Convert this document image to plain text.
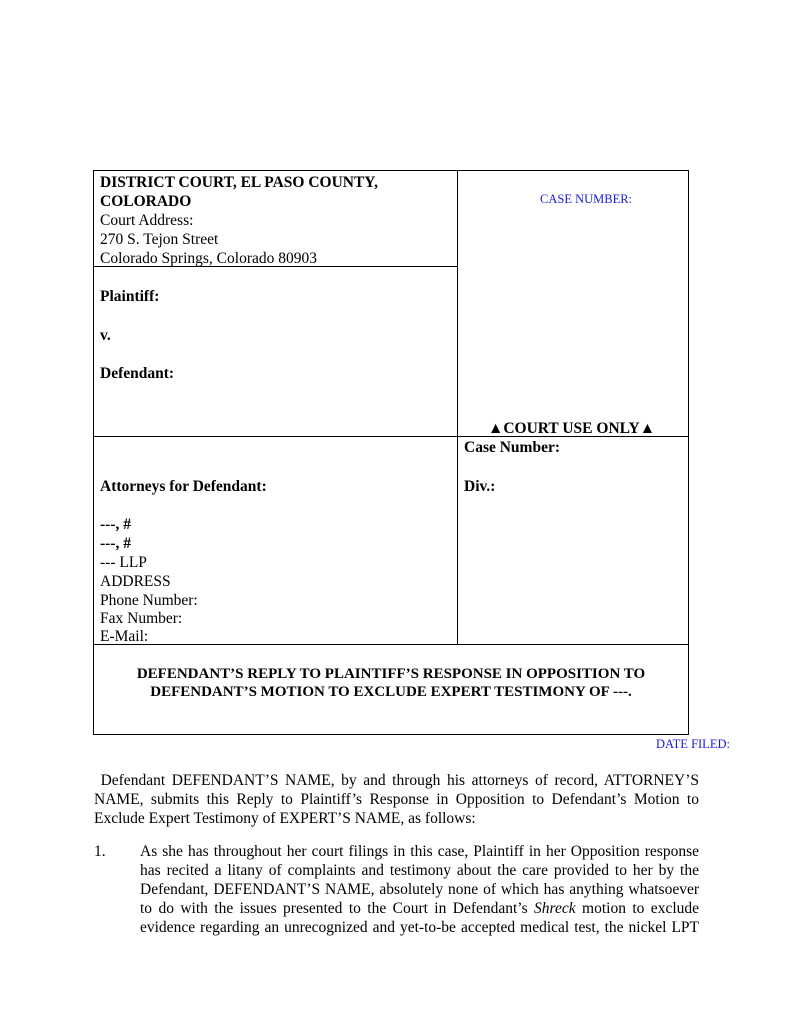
DISTRICT COURT, EL PASO COUNTY,
COLORADO
Court Address:
270 S. Tejon Street
Colorado Springs, Colorado 80903
Plaintiff:
v.
Defendant:
CASE NUMBER:
▲COURT USE ONLY▲
Case Number:
Div.:
Attorneys for Defendant:
---, #
---, #
--- LLP
ADDRESS
Phone Number:
Fax Number:
E-Mail:
DEFENDANT’S REPLY TO PLAINTIFF’S RESPONSE IN OPPOSITION TO
DEFENDANT’S MOTION TO EXCLUDE EXPERT TESTIMONY OF ---.
DATE FILED:
Defendant DEFENDANT’S NAME, by and through his attorneys of record, ATTORNEY’S
NAME, submits this Reply to Plaintiff’s Response in Opposition to Defendant’s Motion to
Exclude Expert Testimony of EXPERT’S NAME, as follows:
1. As she has throughout her court filings in this case, Plaintiff in her Opposition response
has recited a litany of complaints and testimony about the care provided to her by the
Defendant, DEFENDANT’S NAME, absolutely none of which has anything whatsoever
to do with the issues presented to the Court in Defendant’s Shreck motion to exclude
evidence regarding an unrecognized and yet-to-be accepted medical test, the nickel LPT
